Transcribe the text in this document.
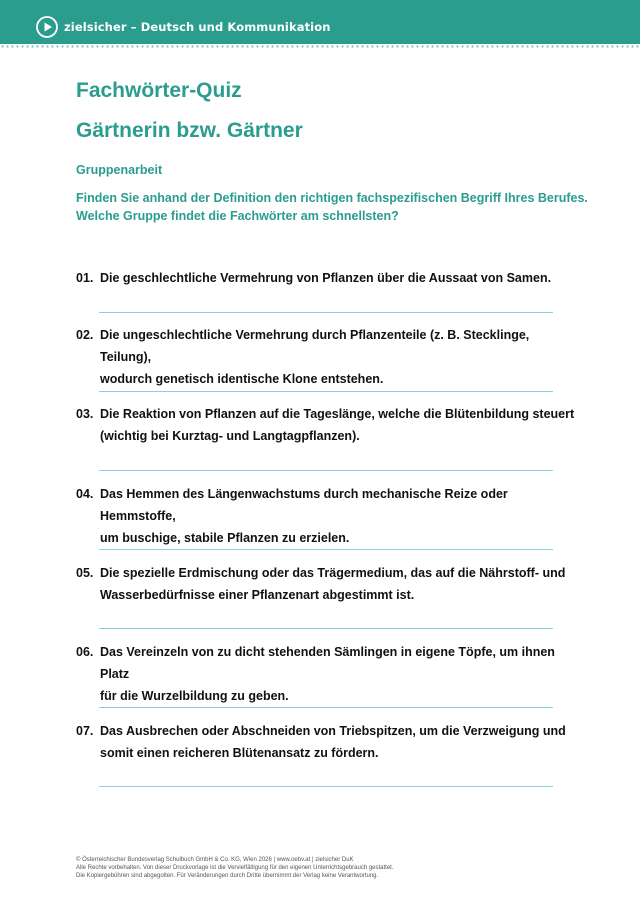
zielsicher – Deutsch und Kommunikation
Fachwörter-Quiz
Gärtnerin bzw. Gärtner
Gruppenarbeit
Finden Sie anhand der Definition den richtigen fachspezifischen Begriff Ihres Berufes.
Welche Gruppe findet die Fachwörter am schnellsten?
01. Die geschlechtliche Vermehrung von Pflanzen über die Aussaat von Samen.
02. Die ungeschlechtliche Vermehrung durch Pflanzenteile (z. B. Stecklinge, Teilung),
wodurch genetisch identische Klone entstehen.
03. Die Reaktion von Pflanzen auf die Tageslänge, welche die Blütenbildung steuert
(wichtig bei Kurztag- und Langtagpflanzen).
04. Das Hemmen des Längenwachstums durch mechanische Reize oder Hemmstoffe,
um buschige, stabile Pflanzen zu erzielen.
05. Die spezielle Erdmischung oder das Trägermedium, das auf die Nährstoff- und
Wasserbedürfnisse einer Pflanzenart abgestimmt ist.
06. Das Vereinzeln von zu dicht stehenden Sämlingen in eigene Töpfe, um ihnen Platz
für die Wurzelbildung zu geben.
07. Das Ausbrechen oder Abschneiden von Triebspitzen, um die Verzweigung und
somit einen reicheren Blütenansatz zu fördern.
© Österreichischer Bundesverlag Schulbuch GmbH & Co. KG, Wien 2026 | www.oebv.at | zielsicher DuK
Alle Rechte vorbehalten. Von dieser Druckvorlage ist die Vervielfältigung für den eigenen Unterrichtsgebrauch gestattet.
Die Kopiergebühren sind abgegolten. Für Veränderungen durch Dritte übernimmt der Verlag keine Verantwortung.
